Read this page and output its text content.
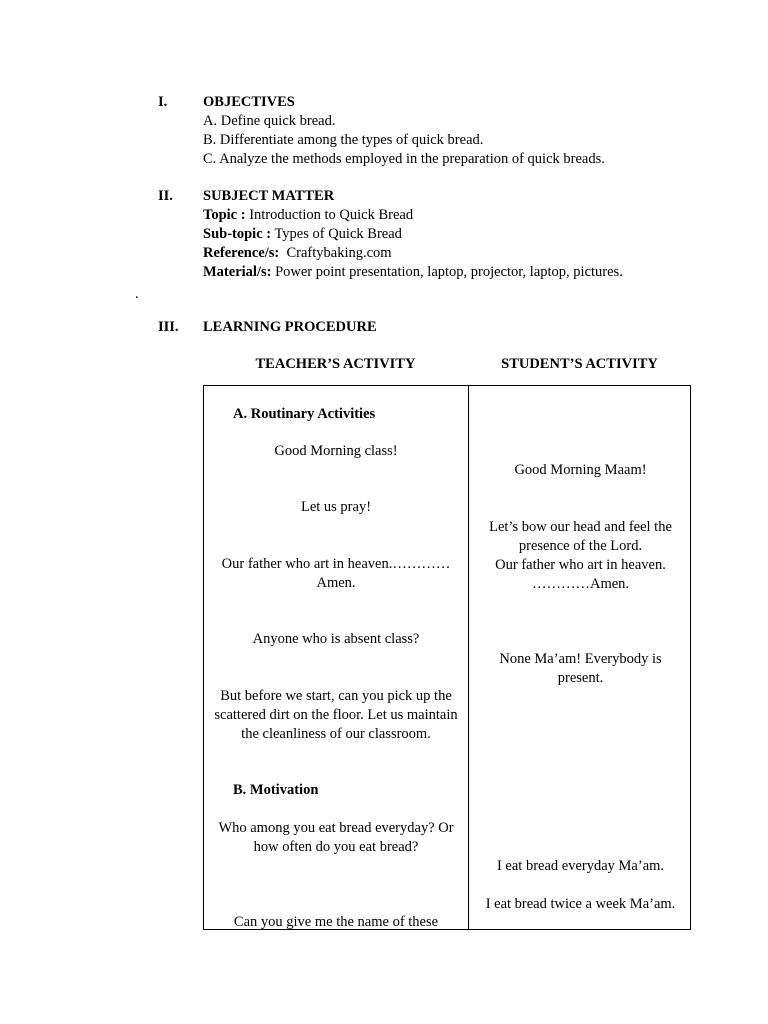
I. OBJECTIVES
A. Define quick bread.
B. Differentiate among the types of quick bread.
C. Analyze the methods employed in the preparation of quick breads.
II. SUBJECT MATTER
Topic : Introduction to Quick Bread
Sub-topic : Types of Quick Bread
Reference/s:  Craftybaking.com
Material/s: Power point presentation, laptop, projector, laptop, pictures.
.
III. LEARNING PROCEDURE
TEACHER’S ACTIVITY	STUDENT’S ACTIVITY
A. Routinary Activities
Good Morning class!
Let us pray!
Our father who art in heaven.………… Amen.
Anyone who is absent class?
But before we start, can you pick up the scattered dirt on the floor. Let us maintain the cleanliness of our classroom.
B. Motivation
Who among you eat bread everyday? Or how often do you eat bread?
Can you give me the name of these
Good Morning Maam!
Let’s bow our head and feel the presence of the Lord.
Our father who art in heaven. …………Amen.
None Ma’am! Everybody is present.
I eat bread everyday Ma’am.
I eat bread twice a week Ma’am.
